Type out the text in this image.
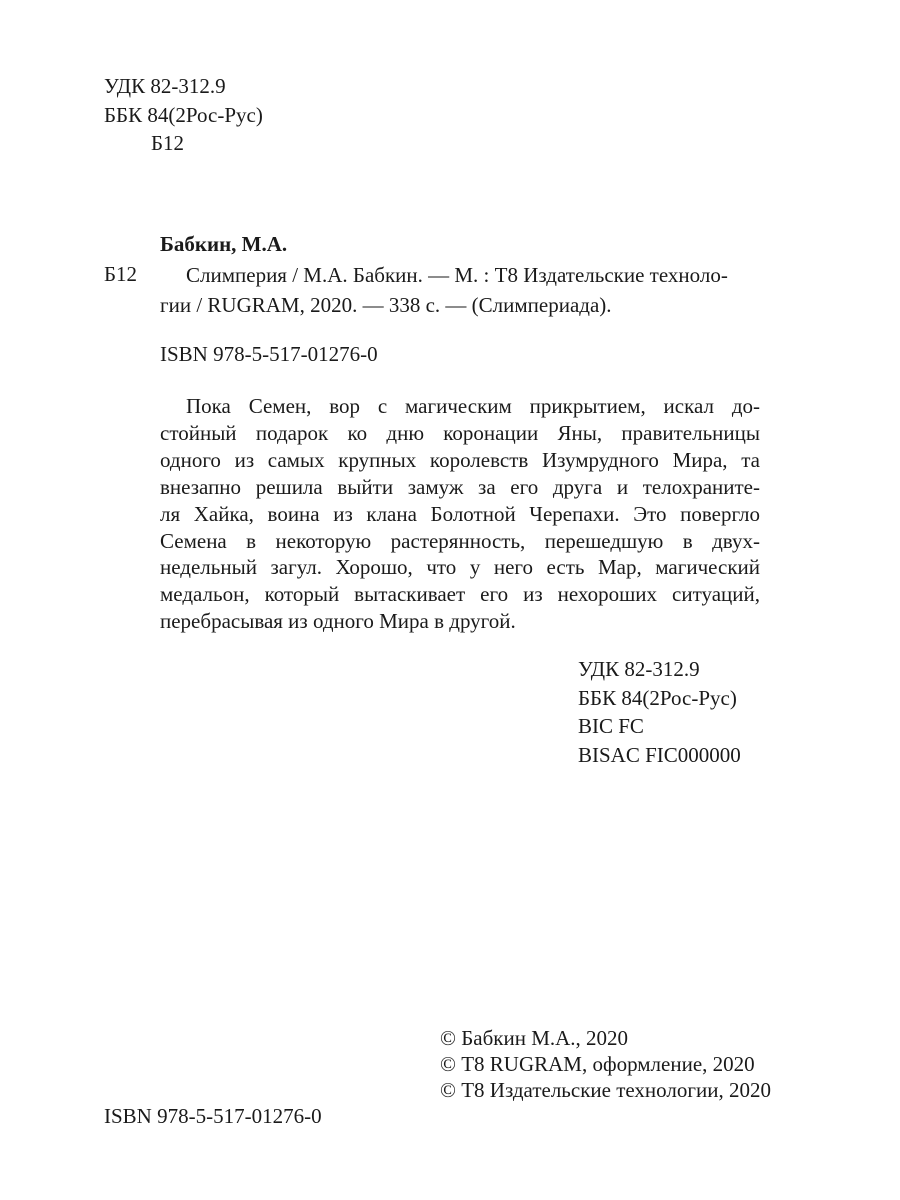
УДК 82-312.9
ББК 84(2Рос-Рус)
Б12
Бабкин, М.А.
Б12	Слимперия / М.А. Бабкин. — М. : Т8 Издательские техноло-
гии / RUGRAM, 2020. — 338 с. — (Слимпериада).
ISBN 978-5-517-01276-0
Пока Семен, вор с магическим прикрытием, искал до-
стойный подарок ко дню коронации Яны, правительницы
одного из самых крупных королевств Изумрудного Мира, та
внезапно решила выйти замуж за его друга и телохраните-
ля Хайка, воина из клана Болотной Черепахи. Это повергло
Семена в некоторую растерянность, перешедшую в двух-
недельный загул. Хорошо, что у него есть Мар, магический
медальон, который вытаскивает его из нехороших ситуаций,
перебрасывая из одного Мира в другой.
УДК 82-312.9
ББК 84(2Рос-Рус)
BIC FC
BISAC FIC000000
© Бабкин М.А., 2020
© Т8 RUGRAM, оформление, 2020
© Т8 Издательские технологии, 2020
ISBN 978-5-517-01276-0
